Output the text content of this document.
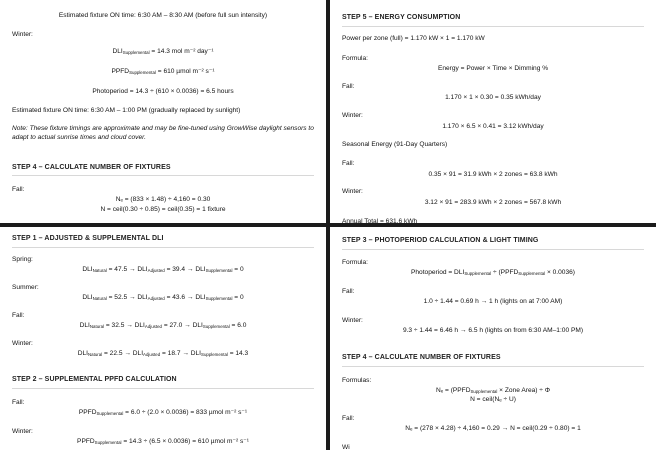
Estimated fixture ON time: 6:30 AM – 8:30 AM (before full sun intensity)
Winter:
$DLI_{Supplemental} = 14.3$ mol m⁻² day⁻¹
$PPFD_{Supplemental} = 610$ µmol m⁻² s⁻¹
Photoperiod = 14.3 ÷ (610 × 0.0036) = 6.5 hours
Estimated fixture ON time: 6:30 AM – 1:00 PM (gradually replaced by sunlight)
Note: These fixture timings are approximate and may be fine-tuned using GrowWise daylight sensors to adapt to actual sunrise times and cloud cover.
STEP 4 – CALCULATE NUMBER OF FIXTURES
Fall:
Nₑ = (833 × 1.48) ÷ 4,160 = 0.30
N = ceil(0.30 ÷ 0.85) = ceil(0.35) = 1 fixture
STEP 5 – ENERGY CONSUMPTION
Power per zone (full) = 1.170 kW × 1 = 1.170 kW
Formula:
Energy = Power × Time × Dimming %
Fall:
1.170 × 1 × 0.30 = 0.35 kWh/day
Winter:
1.170 × 6.5 × 0.41 = 3.12 kWh/day
Seasonal Energy (91-Day Quarters)
Fall:
0.35 × 91 = 31.9 kWh × 2 zones = 63.8 kWh
Winter:
3.12 × 91 = 283.9 kWh × 2 zones = 567.8 kWh
Annual Total = 631.6 kWh
STEP 1 – ADJUSTED & SUPPLEMENTAL DLI
Spring:
$DLI_{Natural} = 47.5 \to DLI_{Adjusted} = 39.4 \to DLI_{Supplemental} = 0$
Summer:
$DLI_{Natural} = 52.5 \to DLI_{Adjusted} = 43.6 \to DLI_{Supplemental} = 0$
Fall:
$DLI_{Natural} = 32.5 \to DLI_{Adjusted} = 27.0 \to DLI_{Supplemental} = 6.0$
Winter:
$DLI_{Natural} = 22.5 \to DLI_{Adjusted} = 18.7 \to DLI_{Supplemental} = 14.3$
STEP 2 – SUPPLEMENTAL PPFD CALCULATION
Fall:
$PPFD_{Supplemental} = 6.0 \div (2.0 \times 0.0036) = 833$ µmol m⁻² s⁻¹
Winter:
$PPFD_{Supplemental} = 14.3 \div (6.5 \times 0.0036) = 610$ µmol m⁻² s⁻¹
STEP 3 – PHOTOPERIOD CALCULATION & LIGHT TIMING
Formula:
Photoperiod = $DLI_{Supplemental}$ ÷ $(PPFD_{Supplemental} \times 0.0036)$
Fall:
1.0 ÷ 1.44 = 0.69 h → 1 h (lights on at 7:00 AM)
Winter:
9.3 ÷ 1.44 = 6.46 h → 6.5 h (lights on from 6:30 AM–1:00 PM)
STEP 4 – CALCULATE NUMBER OF FIXTURES
Formulas:
$N_e = (PPFD_{Supplemental}$ × Zone Area) ÷ Φ
N = ceil(Nₑ ÷ U)
Fall:
Nₑ = (278 × 4.28) ÷ 4,160 = 0.29 → N = ceil(0.29 ÷ 0.80) = 1
Wi
